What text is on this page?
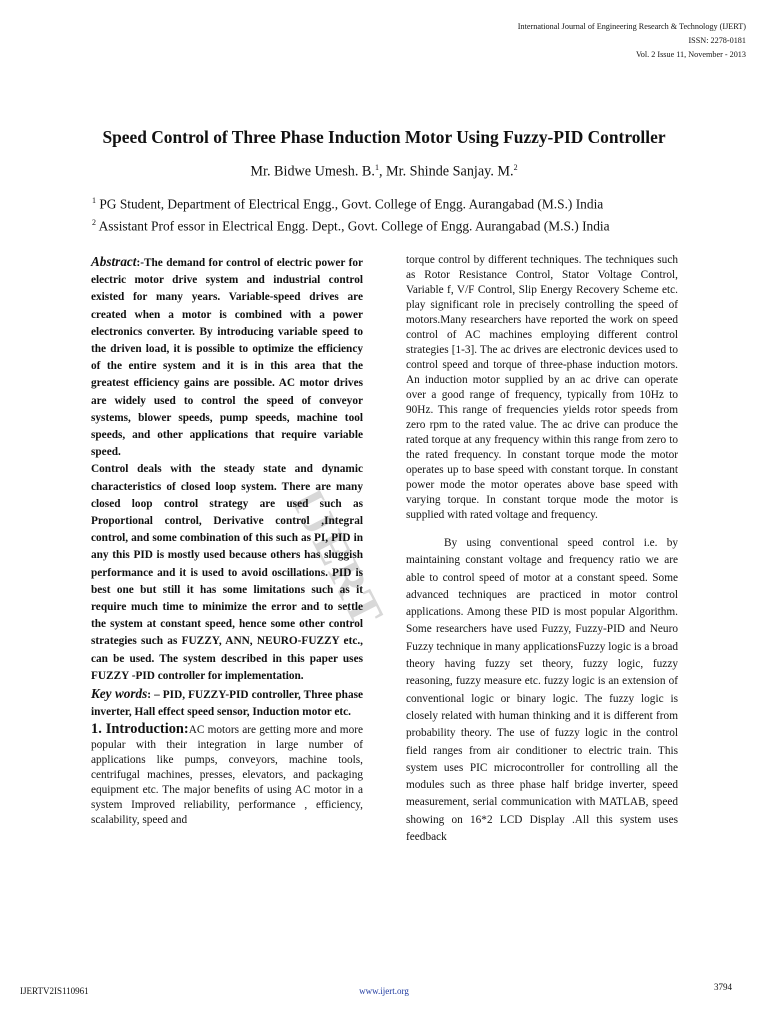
International Journal of Engineering Research & Technology (IJERT)
ISSN: 2278-0181
Vol. 2 Issue 11, November - 2013
Speed Control of Three Phase Induction Motor Using Fuzzy-PID Controller
Mr. Bidwe Umesh. B.$^1$, Mr. Shinde Sanjay. M.$^2$
$^1$ PG Student, Department of Electrical Engg., Govt. College of Engg. Aurangabad (M.S.) India
$^2$ Assistant Prof essor in Electrical Engg. Dept., Govt. College of Engg. Aurangabad (M.S.) India
IJERT

Abstract:-The demand for control of electric power for electric motor drive system and industrial control existed for many years. Variable-speed drives are created when a motor is combined with a power electronics converter. By introducing variable speed to the driven load, it is possible to optimize the efficiency of the entire system and it is in this area that the greatest efficiency gains are possible. AC motor drives are widely used to control the speed of conveyor systems, blower speeds, pump speeds, machine tool speeds, and other applications that require variable speed.

Control deals with the steady state and dynamic characteristics of closed loop system. There are many closed loop control strategy are used such as Proportional control, Derivative control ,Integral control, and some combination of this such as PI, PID in any this PID is mostly used because others has sluggish performance and it is used to avoid oscillations. PID is best one but still it has some limitations such as it require much time to minimize the error and to settle the system at constant speed, hence some other control strategies such as FUZZY, ANN, NEURO-FUZZY etc., can be used. The system described in this paper uses FUZZY -PID controller for implementation.

Key words: – PID, FUZZY-PID controller, Three phase inverter, Hall effect speed sensor, Induction motor etc.

1. Introduction:AC motors are getting more and more popular with their integration in large number of applications like pumps, conveyors, machine tools, centrifugal machines, presses, elevators, and packaging equipment etc. The major benefits of using AC motor in a system Improved reliability, performance , efficiency, scalability, speed and

torque control by different techniques. The techniques such as Rotor Resistance Control, Stator Voltage Control, Variable f, V/F Control, Slip Energy Recovery Scheme etc. play significant role in precisely controlling the speed of motors.Many researchers have reported the work on speed control of AC machines employing different control strategies [1-3]. The ac drives are electronic devices used to control speed and torque of three-phase induction motors. An induction motor supplied by an ac drive can operate over a good range of frequency, typically from 10Hz to 90Hz. This range of frequencies yields rotor speeds from zero rpm to the rated value. The ac drive can produce the rated torque at any frequency within this range from zero to the rated frequency. In constant torque mode the motor operates up to base speed with constant torque. In constant power mode the motor operates above base speed with varying torque. In constant torque mode the motor is supplied with rated voltage and frequency.

By using conventional speed control i.e. by maintaining constant voltage and frequency ratio we are able to control speed of motor at a constant speed. Some advanced techniques are practiced in motor control applications. Among these PID is most popular Algorithm. Some researchers have used Fuzzy, Fuzzy-PID and Neuro Fuzzy technique in many applicationsFuzzy logic is a broad theory having fuzzy set theory, fuzzy logic, fuzzy reasoning, fuzzy measure etc. fuzzy logic is an extension of conventional logic or binary logic. The fuzzy logic is closely related with human thinking and it is different from probability theory. The use of fuzzy logic in the control field ranges from air conditioner to electric train. This system uses PIC microcontroller for controlling all the modules such as three phase half bridge inverter, speed measurement, serial communication with MATLAB, speed showing on 16*2 LCD Display .All this system uses feedback

IJERTV2IS110961	www.ijert.org	3794
